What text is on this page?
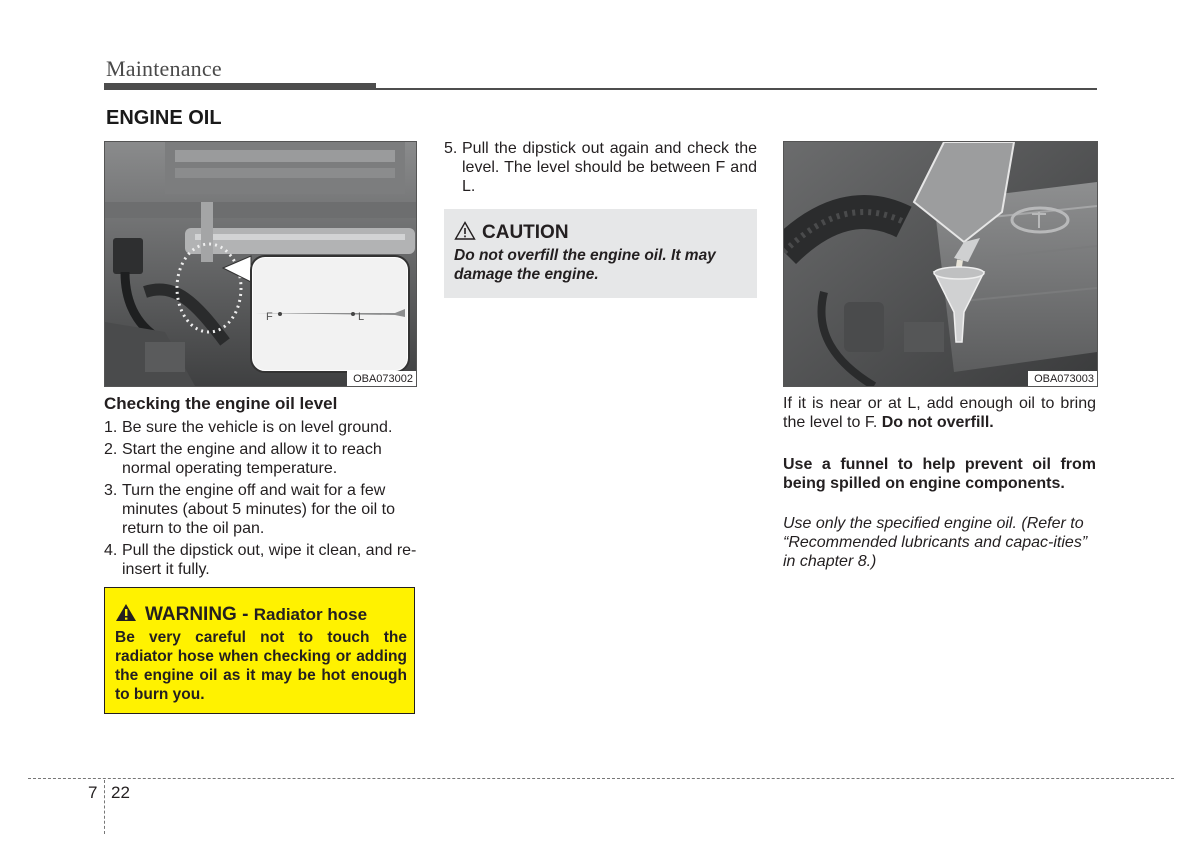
Maintenance
ENGINE OIL
F	L
OBA073002
Checking the engine oil level
1. Be sure the vehicle is on level ground.
2. Start the engine and allow it to reach normal operating temperature.
3. Turn the engine off and wait for a few minutes (about 5 minutes) for the oil to return to the oil pan.
4. Pull the dipstick out, wipe it clean, and re-insert it fully.
WARNING - Radiator hose
Be very careful not to touch the radiator hose when checking or adding the engine oil as it may be hot enough to burn you.
5. Pull the dipstick out again and check the level. The level should be between F and L.
CAUTION
Do not overfill the engine oil. It may damage the engine.
OBA073003
If it is near or at L, add enough oil to bring the level to F. Do not overfill.
Use a funnel to help prevent oil from being spilled on engine components.
Use only the specified engine oil. (Refer to “Recommended lubricants and capac-ities” in chapter 8.)
7 22
